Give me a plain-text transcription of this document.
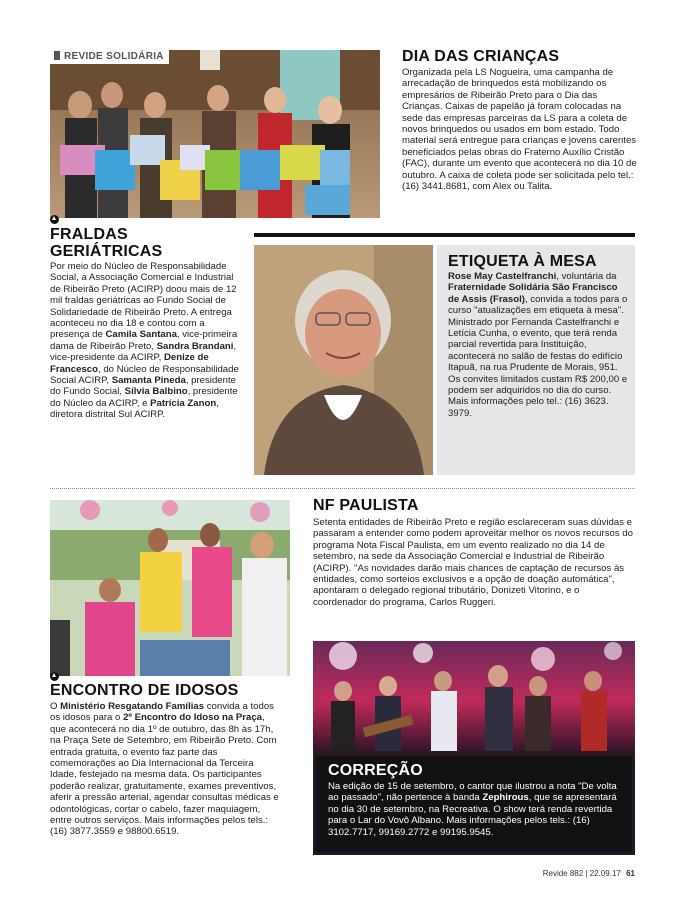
REVIDE SOLIDÁRIA	DIA DAS CRIANÇAS
Organizada pela LS Nogueira, uma campanha de arrecadação de brinquedos está mobilizando os empresários de Ribeirão Preto para o Dia das Crianças. Caixas de papelão já foram colocadas na sede das empresas parceiras da LS para a coleta de novos brinquedos ou usados em bom estado. Todo material será entregue para crianças e jovens carentes beneficiados pelas obras do Fraterno Auxílio Cristão (FAC), durante um evento que acontecerá no dia 10 de outubro. A caixa de coleta pode ser solicitada pelo tel.: (16) 3441.8681, com Alex ou Talita.
FRALDAS GERIÁTRICAS
Por meio do Núcleo de Responsabilidade Social, a Associação Comercial e Industrial de Ribeirão Preto (ACIRP) doou mais de 12 mil fraldas geriátricas ao Fundo Social de Solidariedade de Ribeirão Preto. A entrega aconteceu no dia 18 e contou com a presença de Camila Santana, vice-primeira dama de Ribeirão Preto, Sandra Brandani, vice-presidente da ACIRP, Denize de Francesco, do Núcleo de Responsabilidade Social ACIRP, Samanta Pineda, presidente do Fundo Social, Sílvia Balbino, presidente do Núcleo da ACIRP, e Patrícia Zanon, diretora distrital Sul ACIRP.
ETIQUETA À MESA
Rose May Castelfranchi, voluntária da Fraternidade Solidária São Francisco de Assis (Frasol), convida a todos para o curso "atualizações em etiqueta à mesa". Ministrado por Fernanda Castelfranchi e Letícia Cunha, o evento, que terá renda parcial revertida para Instituição, acontecerá no salão de festas do edifício Itapuã, na rua Prudente de Morais, 951. Os convites limitados custam R$ 200,00 e podem ser adquiridos no dia do curso. Mais informações pelo tel.: (16) 3623. 3979.
NF PAULISTA
Setenta entidades de Ribeirão Preto e região esclareceram suas dúvidas e passaram a entender como podem aproveitar melhor os novos recursos do programa Nota Fiscal Paulista, em um evento realizado no dia 14 de setembro, na sede da Associação Comercial e Industrial de Ribeirão (ACIRP). "As novidades darão mais chances de captação de recursos às entidades, como sorteios exclusivos e a opção de doação automática", apontaram o delegado regional tributário, Donizeti Vitorino, e o coordenador do programa, Carlos Ruggeri.
ENCONTRO DE IDOSOS
O Ministério Resgatando Famílias convida a todos os idosos para o 2º Encontro do Idoso na Praça, que acontecerá no dia 1º de outubro, das 8h às 17h, na Praça Sete de Setembro, em Ribeirão Preto. Com entrada gratuita, o evento faz parte das comemorações ao Dia Internacional da Terceira Idade, festejado na mesma data. Os participantes poderão realizar, gratuitamente, exames preventivos, aferir a pressão arterial, agendar consultas médicas e odontológicas, cortar o cabelo, fazer maquiagem, entre outros serviços. Mais informações pelos tels.: (16) 3877.3559 e 98800.6519.
CORREÇÃO
Na edição de 15 de setembro, o cantor que ilustrou a nota "De volta ao passado", não pertence à banda Zephirous, que se apresentará no dia 30 de setembro, na Recreativa. O show terá renda revertida para o Lar do Vovô Albano. Mais informações pelos tels.: (16) 3102.7717, 99169.2772 e 99195.9545.
Revide 882 | 22.09.17 61
